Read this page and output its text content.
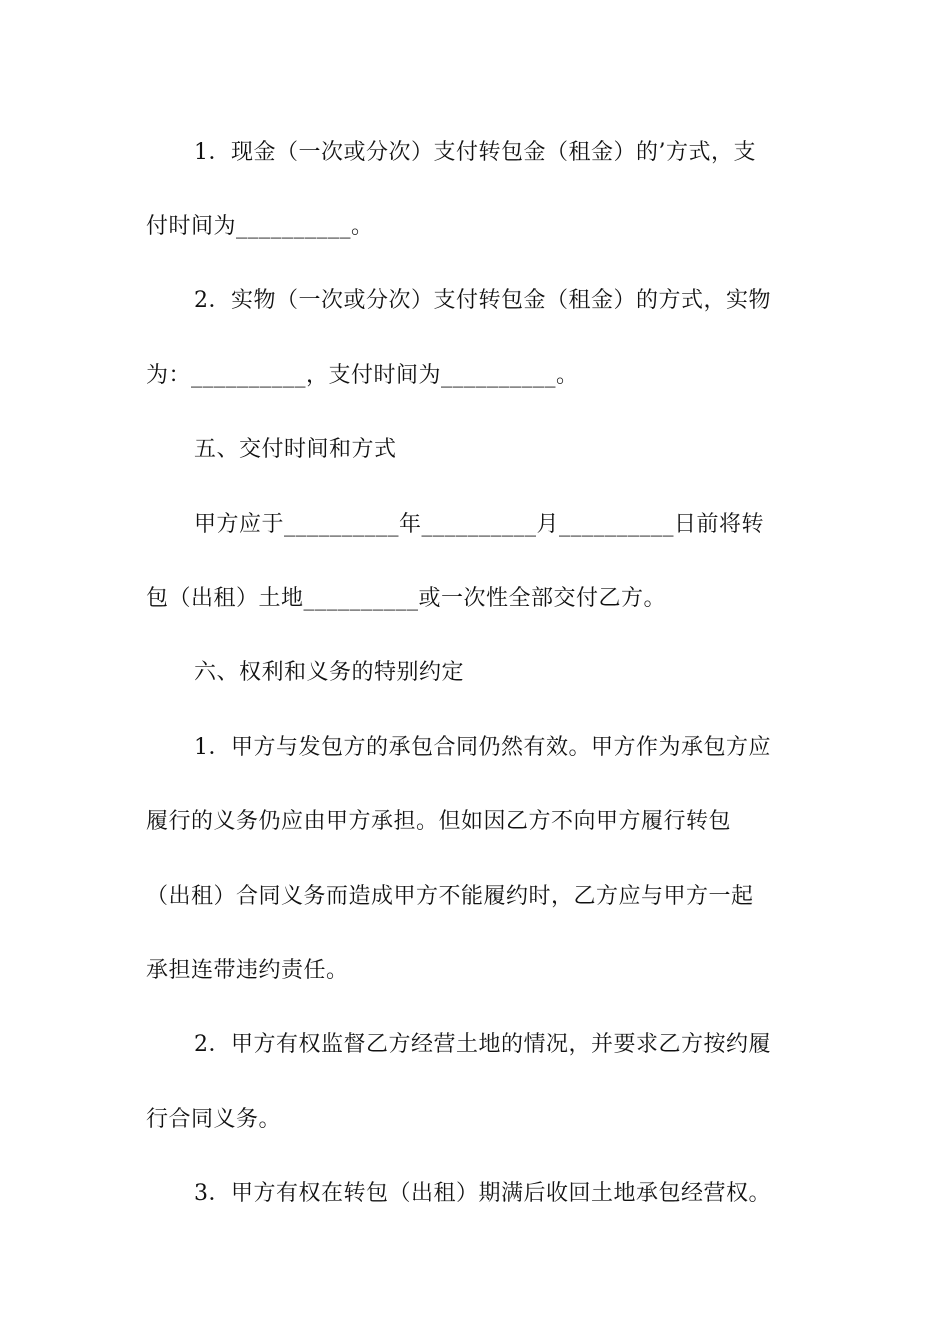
1．现金（一次或分次）支付转包金（租金）的’方式，支
付时间为__________。
2．实物（一次或分次）支付转包金（租金）的方式，实物
为：__________，支付时间为__________。
五、交付时间和方式
甲方应于__________年__________月__________日前将转
包（出租）土地__________或一次性全部交付乙方。
六、权利和义务的特别约定
1．甲方与发包方的承包合同仍然有效。甲方作为承包方应
履行的义务仍应由甲方承担。但如因乙方不向甲方履行转包
（出租）合同义务而造成甲方不能履约时，乙方应与甲方一起
承担连带违约责任。
2．甲方有权监督乙方经营土地的情况，并要求乙方按约履
行合同义务。
3．甲方有权在转包（出租）期满后收回土地承包经营权。
